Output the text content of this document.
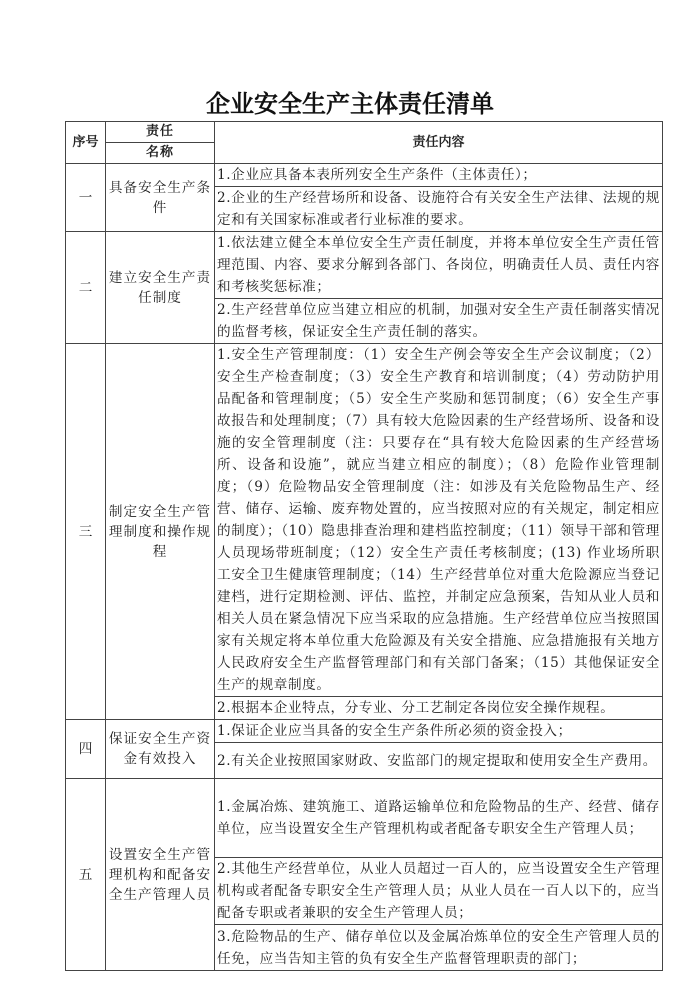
企业安全生产主体责任清单
序号	责任	责任内容
	名称	
一	具备安全生产条件	1.企业应具备本表所列安全生产条件（主体责任）；
		2.企业的生产经营场所和设备、设施符合有关安全生产法律、法规的规定和有关国家标准或者行业标准的要求。
二	建立安全生产责任制度	1.依法建立健全本单位安全生产责任制度，并将本单位安全生产责任管理范围、内容、要求分解到各部门、各岗位，明确责任人员、责任内容和考核奖惩标准；
		2.生产经营单位应当建立相应的机制，加强对安全生产责任制落实情况的监督考核，保证安全生产责任制的落实。
三	制定安全生产管理制度和操作规程	1.安全生产管理制度：（1）安全生产例会等安全生产会议制度；（2）安全生产检查制度；（3）安全生产教育和培训制度；（4）劳动防护用品配备和管理制度；（5）安全生产奖励和惩罚制度；（6）安全生产事故报告和处理制度；（7）具有较大危险因素的生产经营场所、设备和设施的安全管理制度（注：只要存在“具有较大危险因素的生产经营场所、设备和设施”，就应当建立相应的制度）；（8）危险作业管理制度；（9）危险物品安全管理制度（注：如涉及有关危险物品生产、经营、储存、运输、废弃物处置的，应当按照对应的有关规定，制定相应的制度）；（10）隐患排查治理和建档监控制度；（11）领导干部和管理人员现场带班制度；（12）安全生产责任考核制度；(13) 作业场所职工安全卫生健康管理制度；（14）生产经营单位对重大危险源应当登记建档，进行定期检测、评估、监控，并制定应急预案，告知从业人员和相关人员在紧急情况下应当采取的应急措施。生产经营单位应当按照国家有关规定将本单位重大危险源及有关安全措施、应急措施报有关地方人民政府安全生产监督管理部门和有关部门备案；（15）其他保证安全生产的规章制度。
		2.根据本企业特点，分专业、分工艺制定各岗位安全操作规程。
四	保证安全生产资金有效投入	1.保证企业应当具备的安全生产条件所必须的资金投入；
		2.有关企业按照国家财政、安监部门的规定提取和使用安全生产费用。
五	设置安全生产管理机构和配备安全生产管理人员	1.金属冶炼、建筑施工、道路运输单位和危险物品的生产、经营、储存单位，应当设置安全生产管理机构或者配备专职安全生产管理人员；
		2.其他生产经营单位，从业人员超过一百人的，应当设置安全生产管理机构或者配备专职安全生产管理人员；从业人员在一百人以下的，应当配备专职或者兼职的安全生产管理人员；
		3.危险物品的生产、储存单位以及金属冶炼单位的安全生产管理人员的任免，应当告知主管的负有安全生产监督管理职责的部门；
